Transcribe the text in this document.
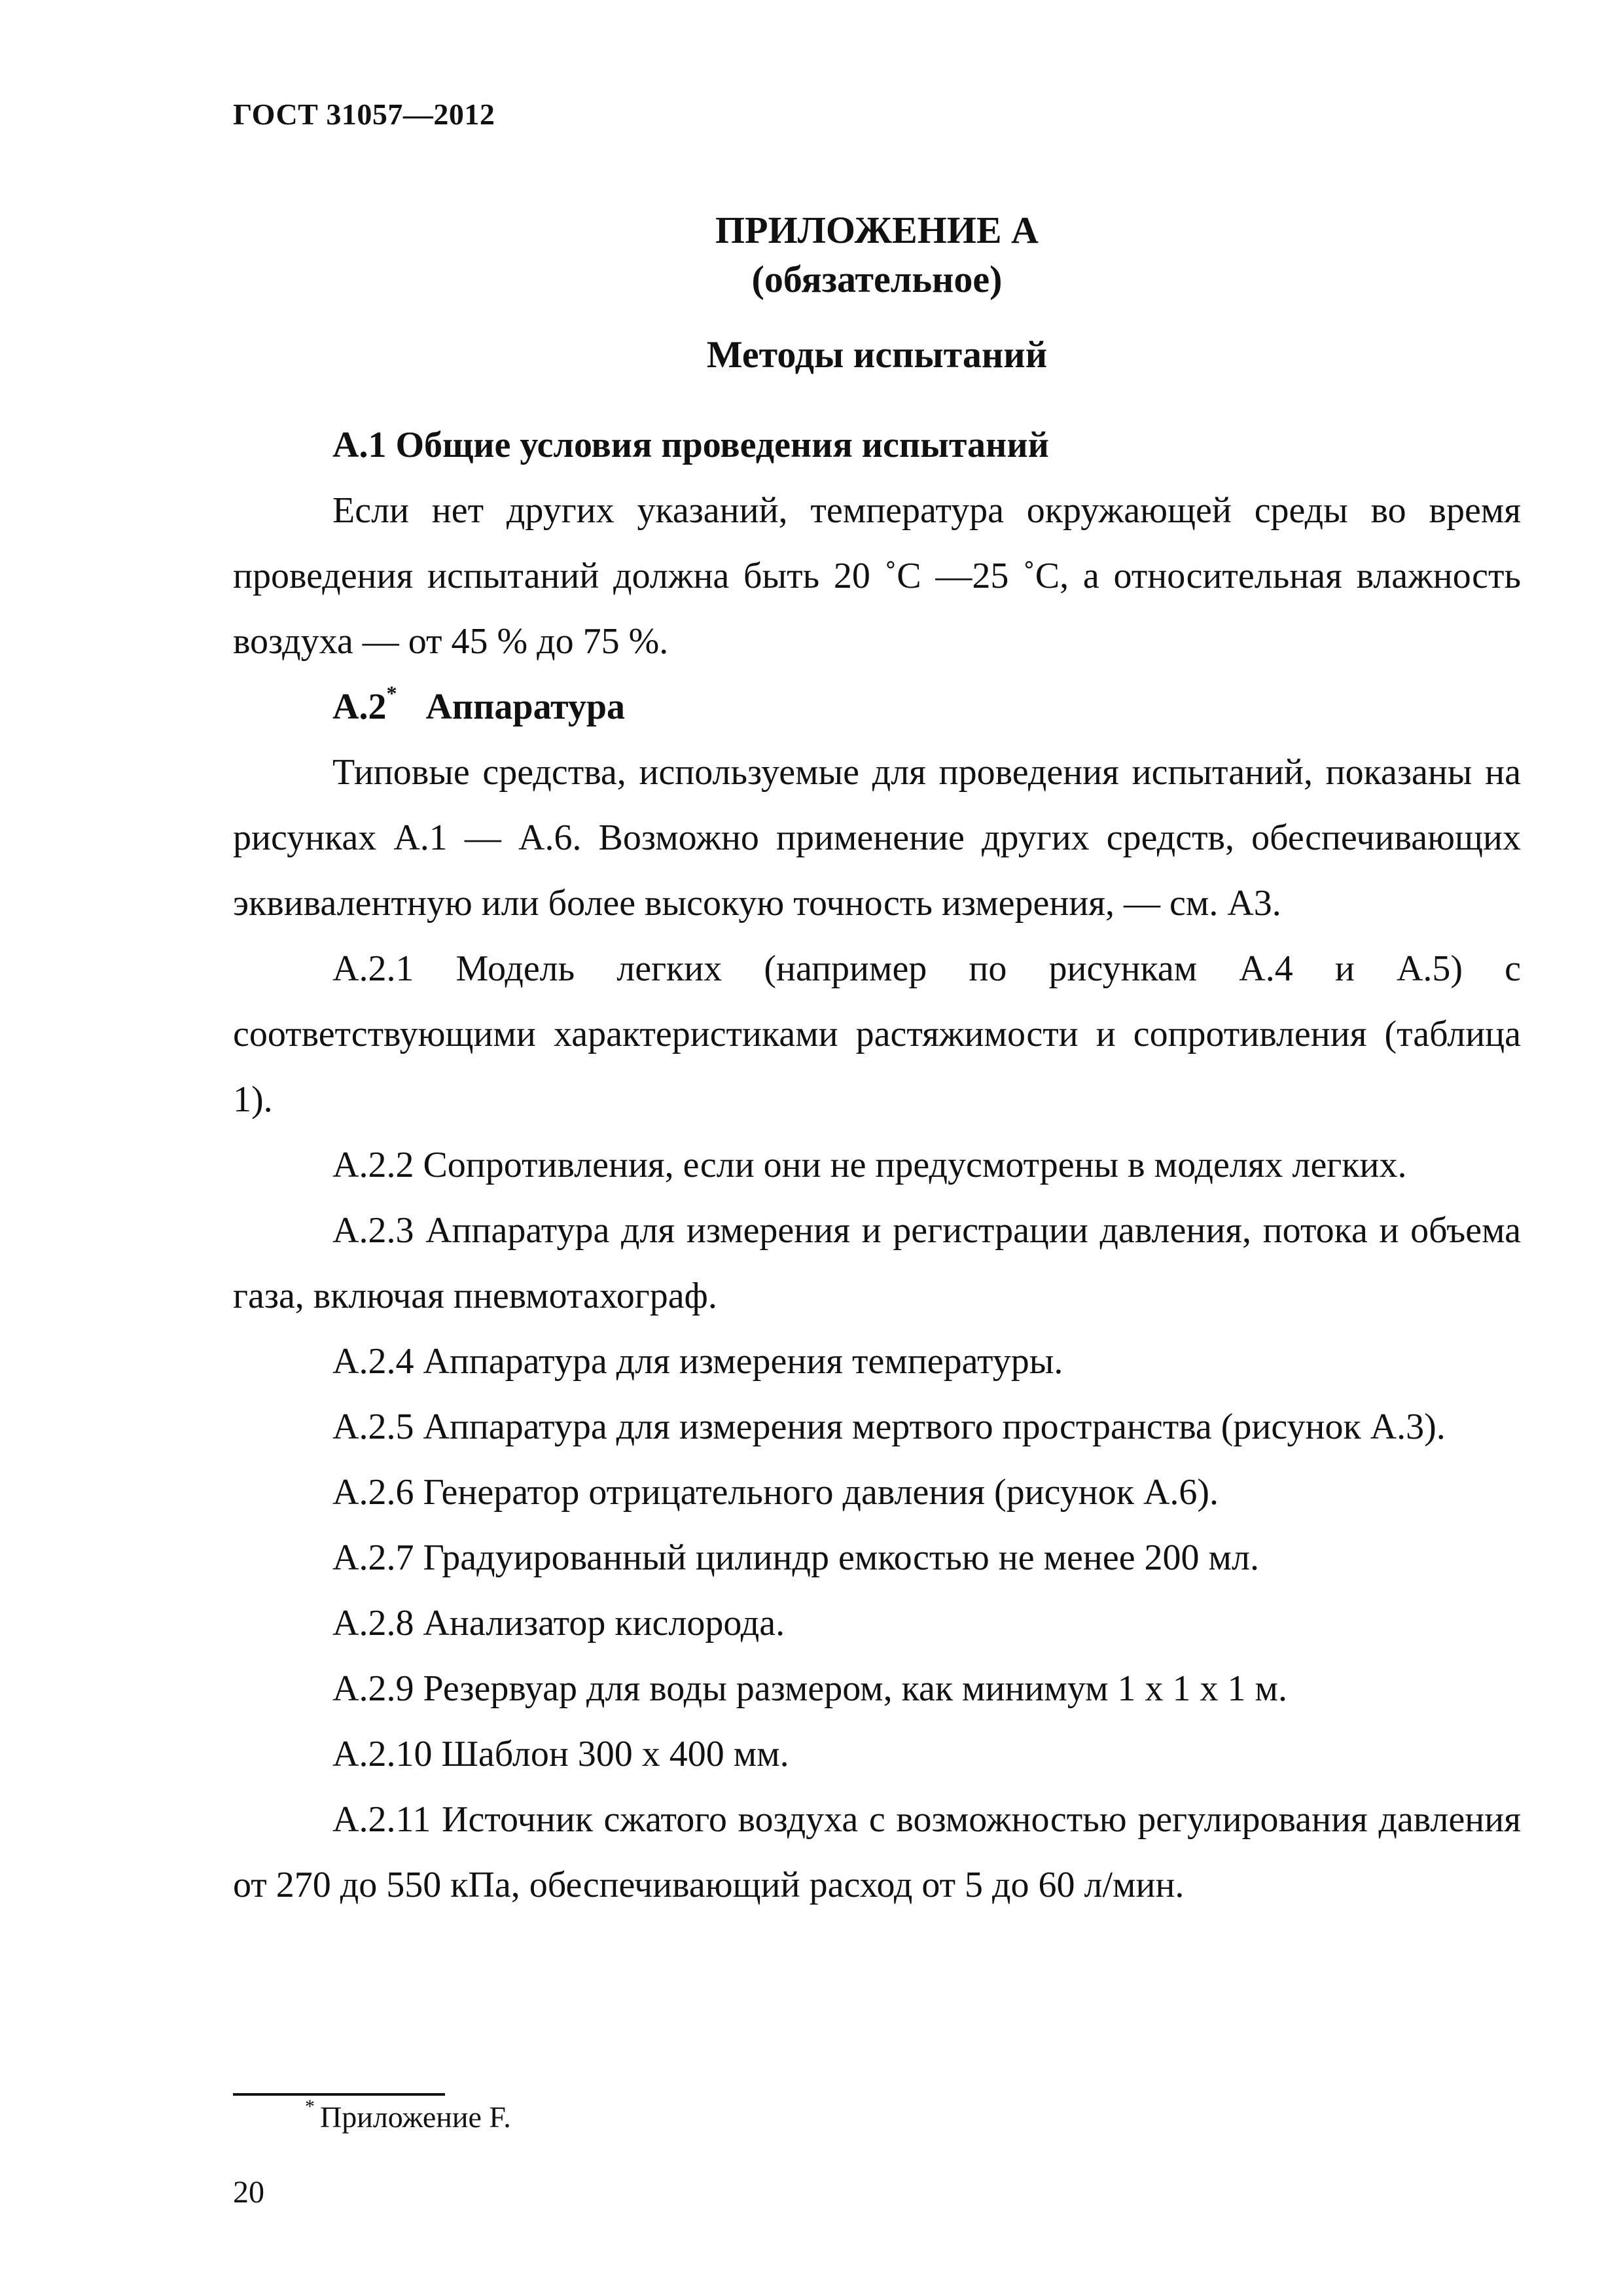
ГОСТ 31057—2012
ПРИЛОЖЕНИЕ А
(обязательное)
Методы испытаний

А.1 Общие условия проведения испытаний

Если нет других указаний, температура окружающей среды во время проведения испытаний должна быть 20 ˚С —25 ˚С, а относительная влажность воздуха — от 45 % до 75 %.

А.2* Аппаратура

Типовые средства, используемые для проведения испытаний, показаны на рисунках А.1 — А.6. Возможно применение других средств, обеспечивающих эквивалентную или более высокую точность измерения, — см. А3.

А.2.1 Модель легких (например по рисункам А.4 и А.5) с соответствующими характеристиками растяжимости и сопротивления (таблица 1).

А.2.2 Сопротивления, если они не предусмотрены в моделях легких.

А.2.3 Аппаратура для измерения и регистрации давления, потока и объема газа, включая пневмотахограф.

А.2.4 Аппаратура для измерения температуры.

А.2.5 Аппаратура для измерения мертвого пространства (рисунок А.3).

А.2.6 Генератор отрицательного давления (рисунок А.6).

А.2.7 Градуированный цилиндр емкостью не менее 200 мл.

А.2.8 Анализатор кислорода.

А.2.9 Резервуар для воды размером, как минимум 1 х 1 х 1 м.

А.2.10 Шаблон 300 х 400 мм.

А.2.11 Источник сжатого воздуха с возможностью регулирования давления от 270 до 550 кПа, обеспечивающий расход от 5 до 60 л/мин.

* Приложение F.
20
